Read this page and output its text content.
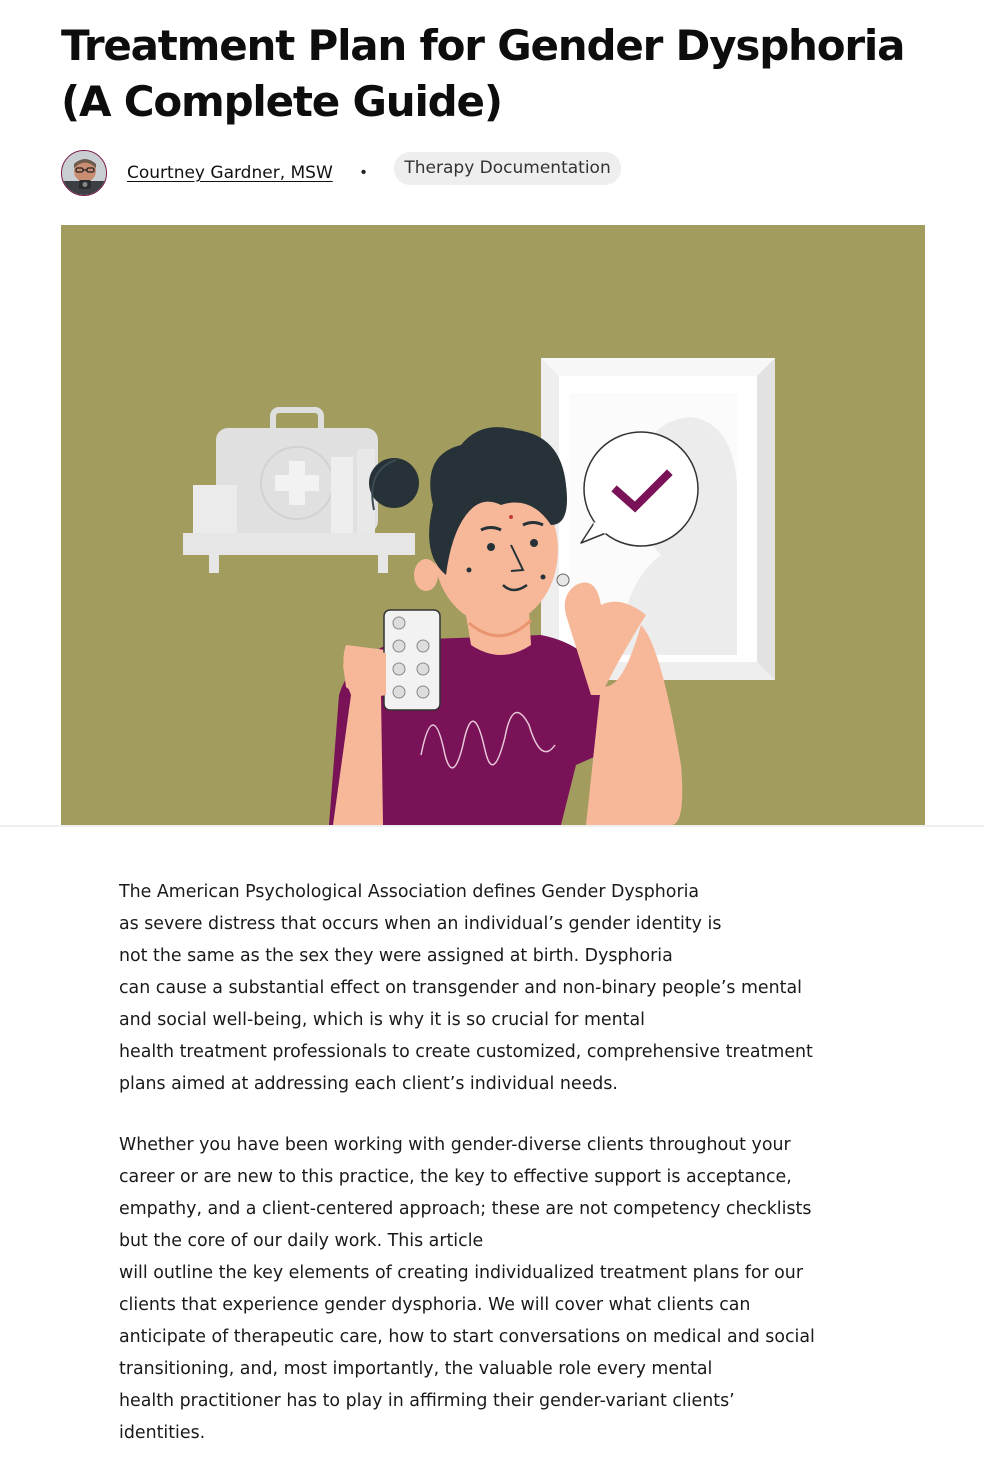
Treatment Plan for Gender Dysphoria (A Complete Guide)
Courtney Gardner, MSW •	Therapy Documentation

The American Psychological Association defines Gender Dysphoria
as severe distress that occurs when an individual’s gender identity is
not the same as the sex they were assigned at birth. Dysphoria
can cause a substantial effect on transgender and non-binary people’s mental
and social well-being, which is why it is so crucial for mental
health treatment professionals to create customized, comprehensive treatment
plans aimed at addressing each client’s individual needs.

Whether you have been working with gender-diverse clients throughout your
career or are new to this practice, the key to effective support is acceptance,
empathy, and a client-centered approach; these are not competency checklists
but the core of our daily work. This article
will outline the key elements of creating individualized treatment plans for our
clients that experience gender dysphoria. We will cover what clients can
anticipate of therapeutic care, how to start conversations on medical and social
transitioning, and, most importantly, the valuable role every mental
health practitioner has to play in affirming their gender-variant clients’
identities.
